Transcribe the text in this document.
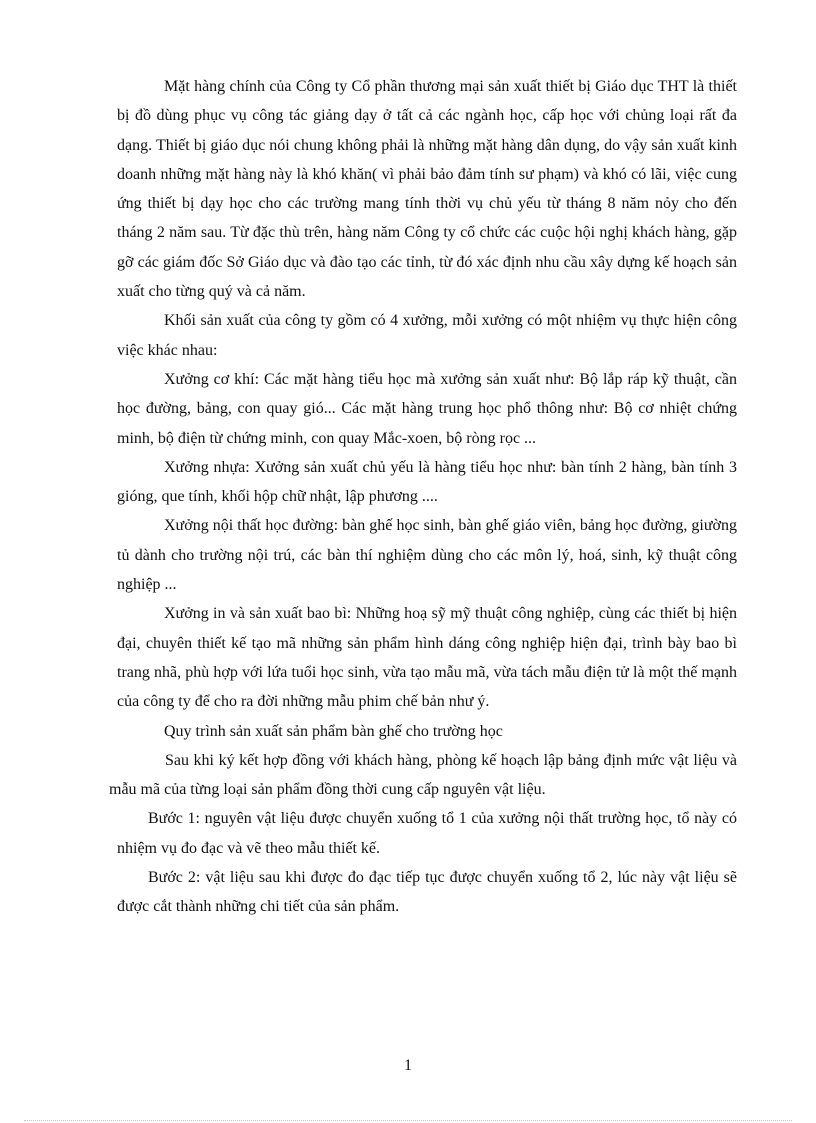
Mặt hàng chính của Công ty Cổ phần thương mại sản xuất thiết bị Giáo dục THT là thiết bị đồ dùng phục vụ công tác giảng dạy ở tất cả các ngành học, cấp học với chủng loại rất đa dạng. Thiết bị giáo dục nói chung không phải là những mặt hàng dân dụng, do vậy sản xuất kinh doanh những mặt hàng này là khó khăn( vì phải bảo đảm tính sư phạm) và khó có lãi, việc cung ứng thiết bị dạy học cho các trường mang tính thời vụ chủ yếu từ tháng 8 năm nỏy cho đến tháng 2 năm sau. Từ đặc thù trên, hàng năm Công ty cổ chức các cuộc hội nghị khách hàng, gặp gỡ các giám đốc Sở Giáo dục và đào tạo các tỉnh, từ đó xác định nhu cầu xây dựng kế hoạch sản xuất cho từng quý và cả năm.

Khối sản xuất của công ty gồm có 4 xưởng, mỗi xưởng có một nhiệm vụ thực hiện công việc khác nhau:

Xưởng cơ khí: Các mặt hàng tiểu học mà xưởng sản xuất như: Bộ lắp ráp kỹ thuật, cần học đường, bảng, con quay gió... Các mặt hàng trung học phổ thông như: Bộ cơ nhiệt chứng minh, bộ điện từ chứng minh, con quay Mắc-xoen, bộ ròng rọc ...

Xưởng nhựa: Xưởng sản xuất chủ yếu là hàng tiểu học như: bàn tính 2 hàng, bàn tính 3 gióng, que tính, khối hộp chữ nhật, lập phương ....

Xưởng nội thất học đường: bàn ghế học sinh, bàn ghế giáo viên, bảng học đường, giường tủ dành cho trường nội trú, các bàn thí nghiệm dùng cho các môn lý, hoá, sinh, kỹ thuật công nghiệp ...

Xưởng in và sản xuất bao bì: Những hoạ sỹ mỹ thuật công nghiệp, cùng các thiết bị hiện đại, chuyên thiết kế tạo mã những sản phẩm hình dáng công nghiệp hiện đại, trình bày bao bì trang nhã, phù hợp với lứa tuổi học sinh, vừa tạo mẫu mã, vừa tách mẫu điện tử là một thế mạnh của công ty để cho ra đời những mẫu phim chế bản như ý.

Quy trình sản xuất sản phẩm bàn ghế cho trường học

Sau khi ký kết hợp đồng với khách hàng, phòng kế hoạch lập bảng định mức vật liệu và mẫu mã của từng loại sản phẩm đồng thời cung cấp nguyên vật liệu.

Bước 1: nguyên vật liệu được chuyển xuống tổ 1 của xưởng nội thất trường học, tổ này có nhiệm vụ đo đạc và vẽ theo mẫu thiết kế.

Bước 2: vật liệu sau khi được đo đạc tiếp tục được chuyển xuống tổ 2, lúc này vật liệu sẽ được cắt thành những chi tiết của sản phẩm.

1
